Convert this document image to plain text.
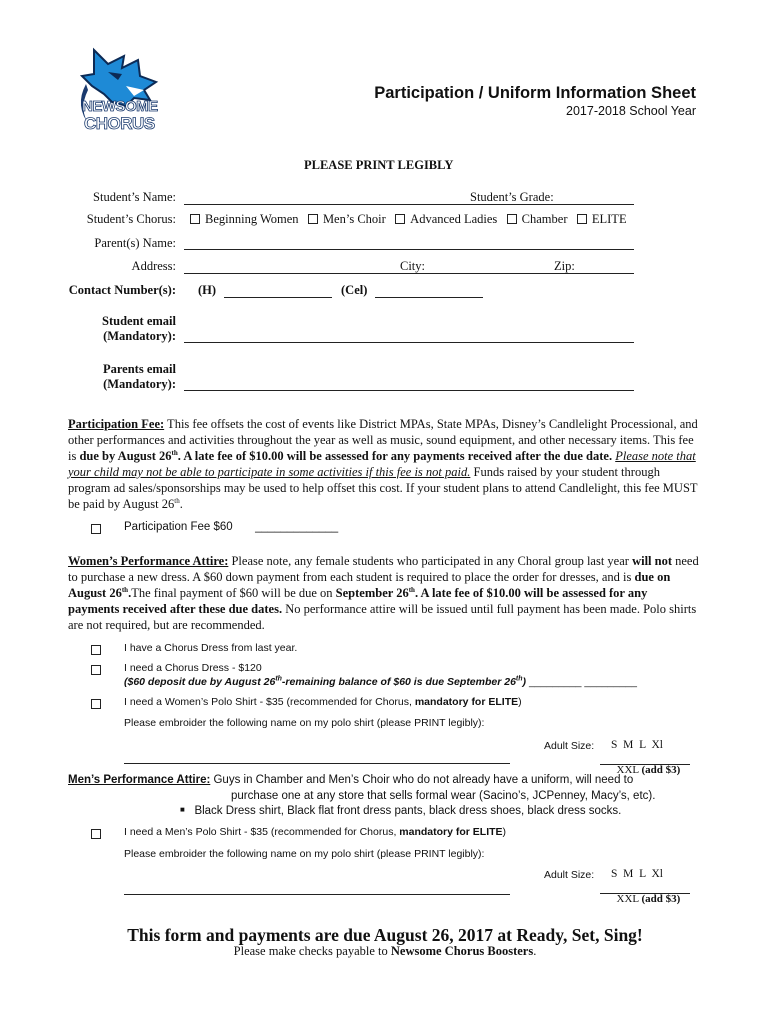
NEWSOME
CHORUS
Participation / Uniform Information Sheet
2017-2018 School Year
PLEASE PRINT LEGIBLY
Student’s Name:	Student’s Grade:
Student’s Chorus:	Beginning Women Men’s Choir Advanced Ladies Chamber ELITE
Parent(s) Name:
Address:	City:	Zip:
Contact Number(s): (H)	(Cel)
Student email
(Mandatory):
Parents email
(Mandatory):
Participation Fee: This fee offsets the cost of events like District MPAs, State MPAs, Disney’s Candlelight Processional, and other performances and activities throughout the year as well as music, sound equipment, and other necessary items. This fee is due by August 26th. A late fee of $10.00 will be assessed for any payments received after the due date. Please note that your child may not be able to participate in some activities if this fee is not paid. Funds raised by your student through program ad sales/sponsorships may be used to help offset this cost. If your student plans to attend Candlelight, this fee MUST be paid by August 26th.
Participation Fee $60 _____________
Women’s Performance Attire: Please note, any female students who participated in any Choral group last year will not need to purchase a new dress. A $60 down payment from each student is required to place the order for dresses, and is due on August 26th.The final payment of $60 will be due on September 26th. A late fee of $10.00 will be assessed for any payments received after these due dates. No performance attire will be issued until full payment has been made. Polo shirts are not required, but are recommended.
I have a Chorus Dress from last year.
I need a Chorus Dress - $120
($60 deposit due by August 26th-remaining balance of $60 is due September 26th) _________ _________
I need a Women’s Polo Shirt - $35 (recommended for Chorus, mandatory for ELITE)
Please embroider the following name on my polo shirt (please PRINT legibly):
Adult Size: S  M  L  Xl

XXL (add $3)

Men’s Performance Attire: Guys in Chamber and Men’s Choir who do not already have a uniform, will need to
purchase one at any store that sells formal wear (Sacino’s, JCPenney, Macy’s, etc).
■ Black Dress shirt, Black flat front dress pants, black dress shoes, black dress socks.
I need a Men’s Polo Shirt - $35 (recommended for Chorus, mandatory for ELITE)
Please embroider the following name on my polo shirt (please PRINT legibly):
Adult Size: S  M  L  Xl

XXL (add $3)

This form and payments are due August 26, 2017 at Ready, Set, Sing!
Please make checks payable to Newsome Chorus Boosters.
